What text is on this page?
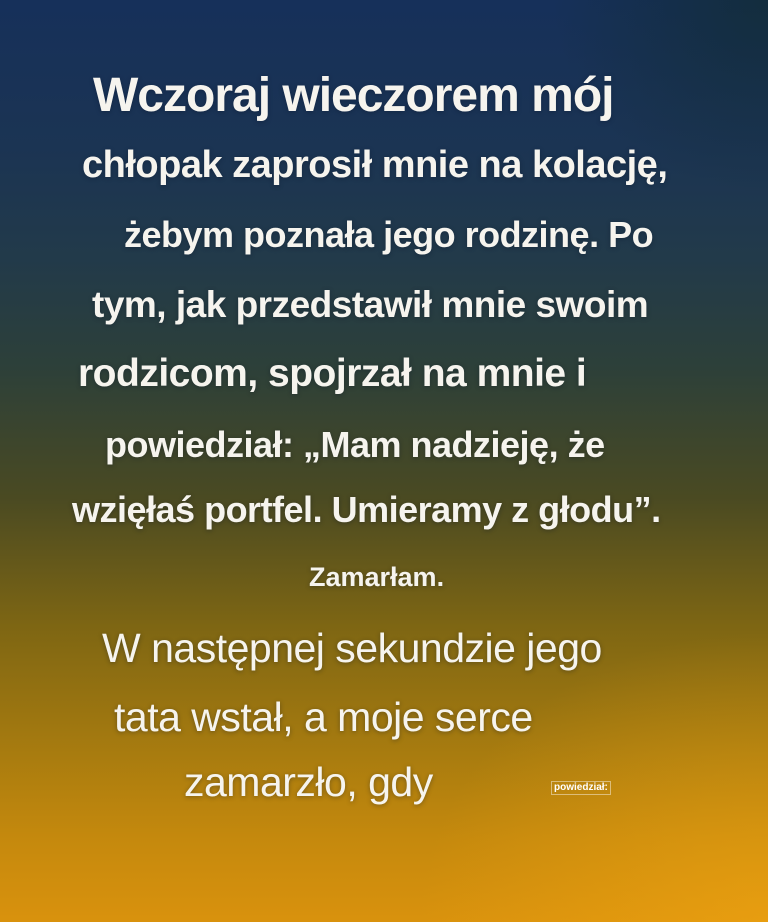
Wczoraj wieczorem mój
chłopak zaprosił mnie na kolację,
żebym poznała jego rodzinę. Po
tym, jak przedstawił mnie swoim
rodzicom, spojrzał na mnie i
powiedział: „Mam nadzieję, że
wzięłaś portfel. Umieramy z głodu”.
Zamarłam.
W następnej sekundzie jego
tata wstał, a moje serce
zamarzło, gdy	powiedział:
